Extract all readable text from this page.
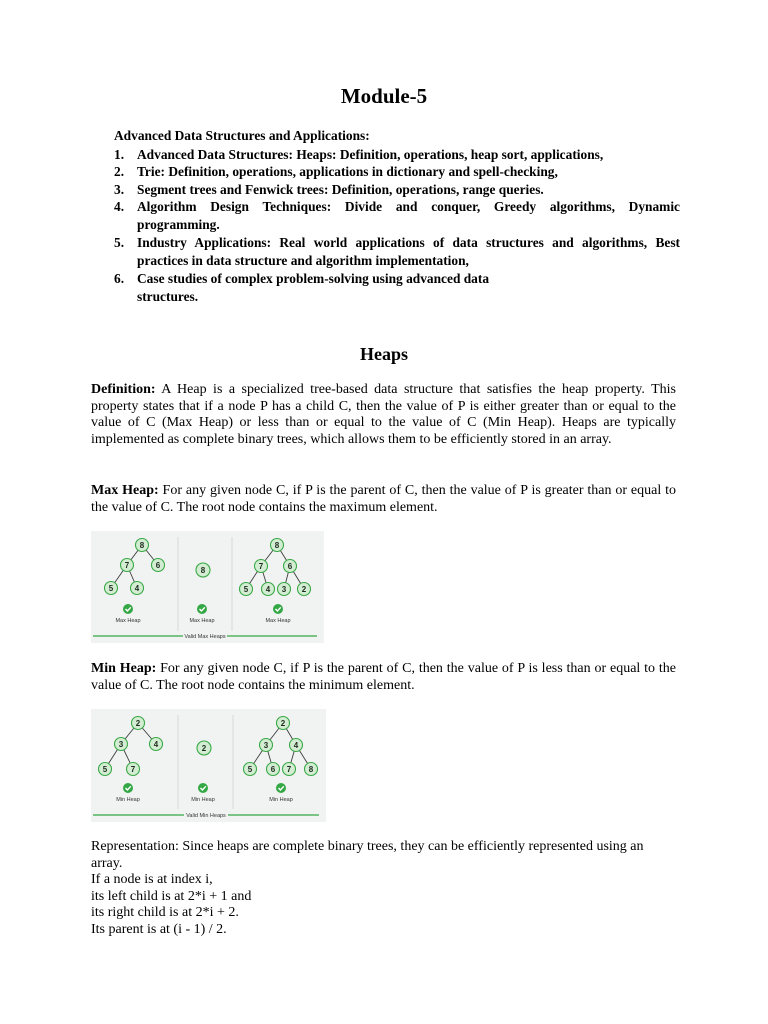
Module-5

Advanced Data Structures and Applications:

1. Advanced Data Structures: Heaps: Definition, operations, heap sort, applications,
2. Trie: Definition, operations, applications in dictionary and spell-checking,
3. Segment trees and Fenwick trees: Definition, operations, range queries.
4. Algorithm Design Techniques: Divide and conquer, Greedy algorithms, Dynamic programming.
5. Industry Applications: Real world applications of data structures and algorithms, Best practices in data structure and algorithm implementation,
6. Case studies of complex problem-solving using advanced data
structures.
Heaps

Definition: A Heap is a specialized tree-based data structure that satisfies the heap property. This property states that if a node P has a child C, then the value of P is either greater than or equal to the value of C (Max Heap) or less than or equal to the value of C (Min Heap). Heaps are typically implemented as complete binary trees, which allows them to be efficiently stored in an array.

Max Heap: For any given node C, if P is the parent of C, then the value of P is greater than or equal to the value of C. The root node contains the maximum element.

8
7	6
5	4
8
8
7	6
5 4 3 2
Max Heap	Max Heap	Max Heap
Valid Max Heaps

Min Heap: For any given node C, if P is the parent of C, then the value of P is less than or equal to the value of C. The root node contains the minimum element.

2
3	4
5	7
2
2
3	4
5 6 7 8
Min Heap	Min Heap	Min Heap
Valid Min Heaps
Representation: Since heaps are complete binary trees, they can be efficiently represented using an array.
If a node is at index i,
its left child is at 2*i + 1 and
its right child is at 2*i + 2.
Its parent is at (i - 1) / 2.
